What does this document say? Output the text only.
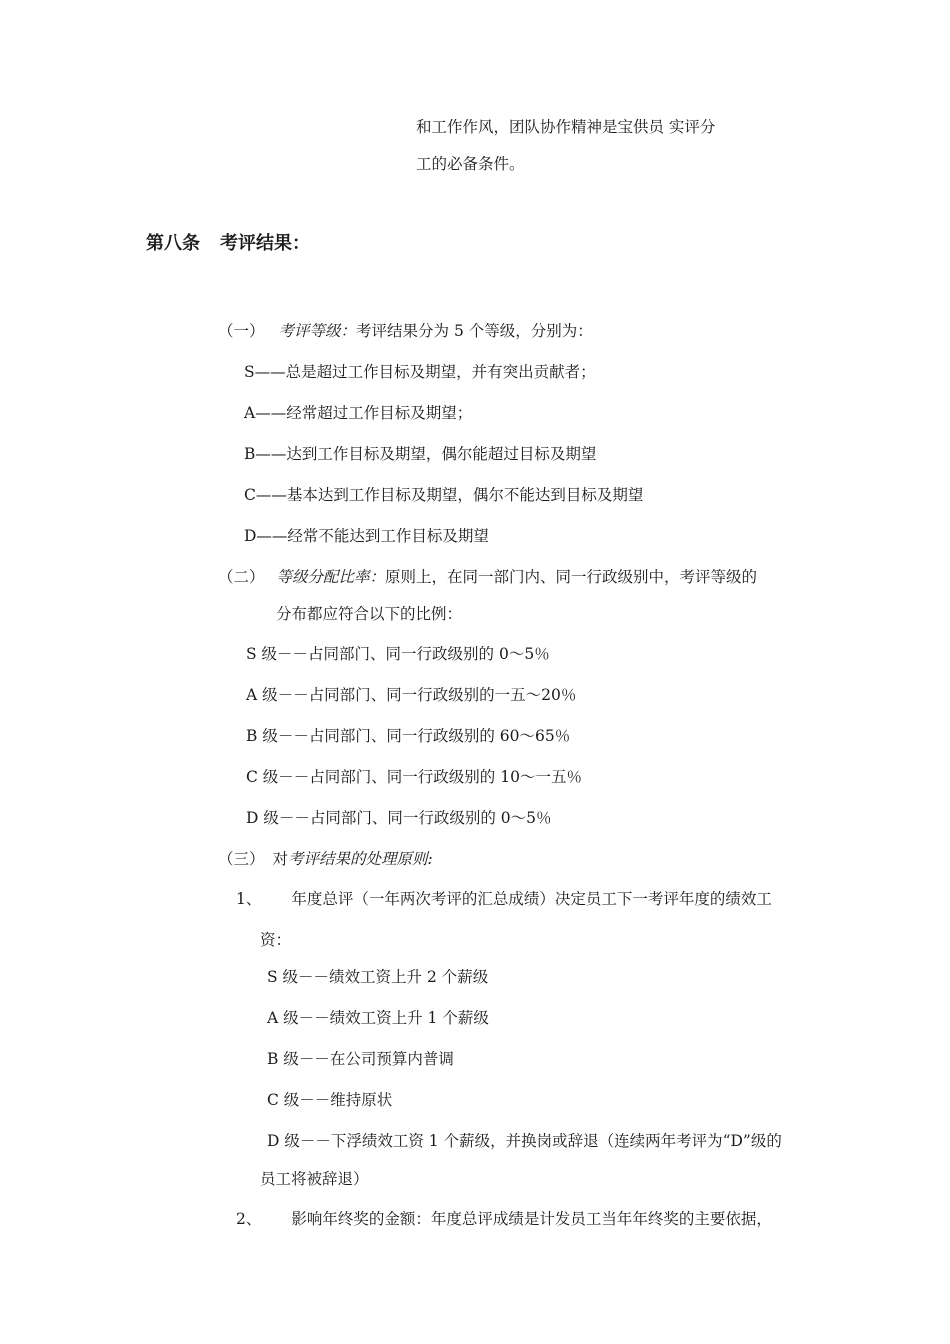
和工作作风，团队协作精神是宝供员 实评分
工的必备条件。
第八条 考评结果：
（一） 考评等级：考评结果分为 5 个等级，分别为：
S——总是超过工作目标及期望，并有突出贡献者；
A——经常超过工作目标及期望；
B——达到工作目标及期望，偶尔能超过目标及期望
C——基本达到工作目标及期望，偶尔不能达到目标及期望
D——经常不能达到工作目标及期望
（二） 等级分配比率：原则上，在同一部门内、同一行政级别中，考评等级的
分布都应符合以下的比例：
S 级－－占同部门、同一行政级别的 0～5％
A 级－－占同部门、同一行政级别的一五～20％
B 级－－占同部门、同一行政级别的 60～65％
C 级－－占同部门、同一行政级别的 10～一五％
D 级－－占同部门、同一行政级别的 0～5％
（三） 对考评结果的处理原则:
1、 年度总评（一年两次考评的汇总成绩）决定员工下一考评年度的绩效工
资：
S 级－－绩效工资上升 2 个薪级
A 级－－绩效工资上升 1 个薪级
B 级－－在公司预算内普调
C 级－－维持原状
D 级－－下浮绩效工资 1 个薪级，并换岗或辞退（连续两年考评为“D”级的
员工将被辞退）
2、 影响年终奖的金额：年度总评成绩是计发员工当年年终奖的主要依据，
